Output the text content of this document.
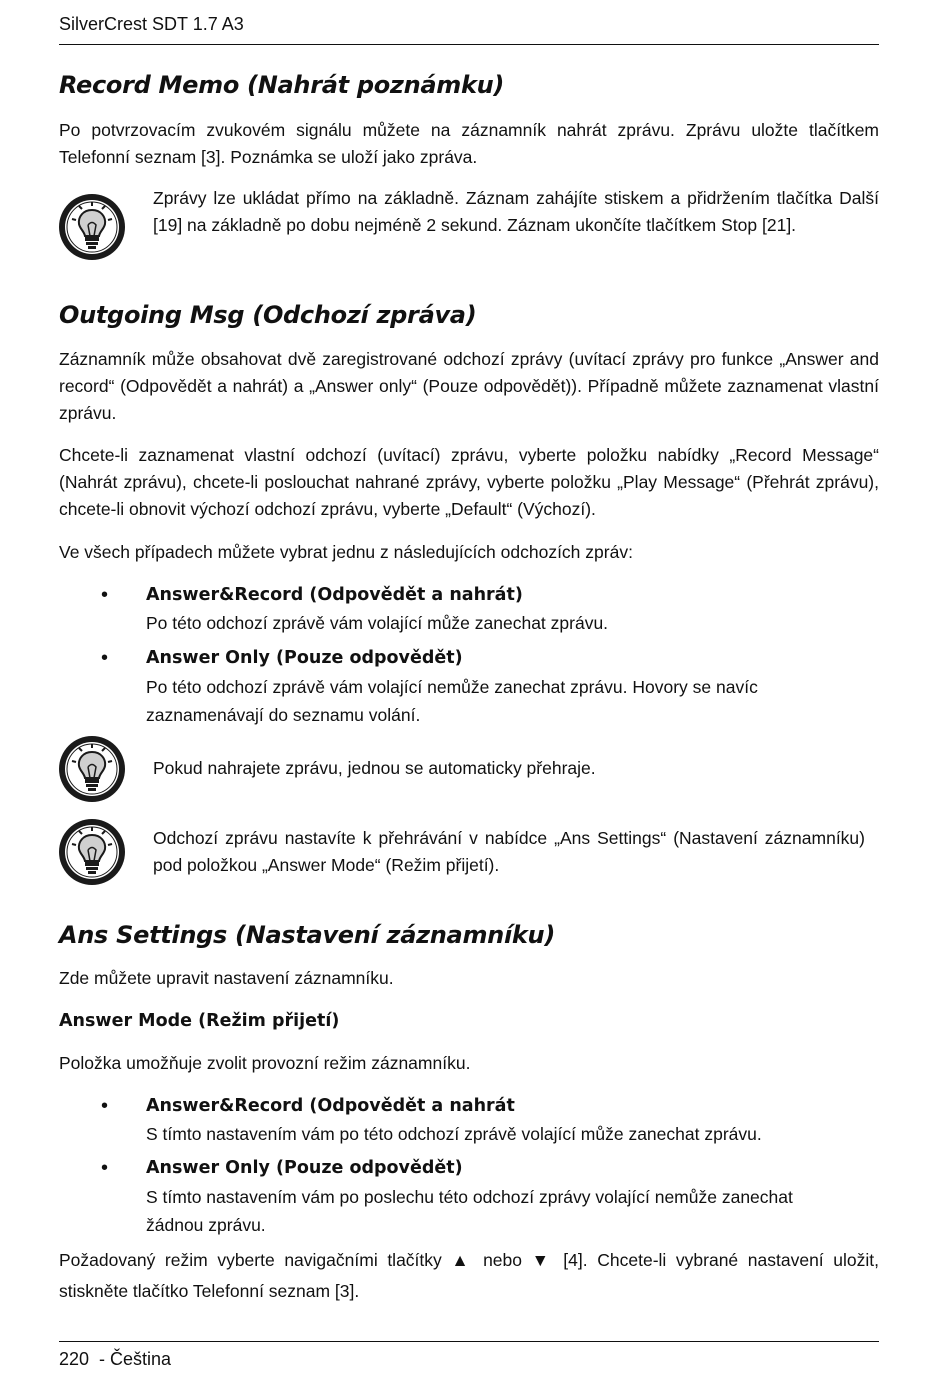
SilverCrest SDT 1.7 A3
Record Memo (Nahrát poznámku)

Po potvrzovacím zvukovém signálu můžete na záznamník nahrát zprávu. Zprávu uložte tlačítkem Telefonní seznam [3]. Poznámka se uloží jako zpráva.

Zprávy lze ukládat přímo na základně. Záznam zahájíte stiskem a přidržením tlačítka Další [19] na základně po dobu nejméně 2 sekund. Záznam ukončíte tlačítkem Stop [21].

Outgoing Msg (Odchozí zpráva)

Záznamník může obsahovat dvě zaregistrované odchozí zprávy (uvítací zprávy pro funkce „Answer and record“ (Odpovědět a nahrát) a „Answer only“ (Pouze odpovědět)). Případně můžete zaznamenat vlastní zprávu.

Chcete-li zaznamenat vlastní odchozí (uvítací) zprávu, vyberte položku nabídky „Record Message“ (Nahrát zprávu), chcete-li poslouchat nahrané zprávy, vyberte položku „Play Message“ (Přehrát zprávu), chcete-li obnovit výchozí odchozí zprávu, vyberte „Default“ (Výchozí).

Ve všech případech můžete vybrat jednu z následujících odchozích zpráv:

• Answer&Record (Odpovědět a nahrát)
Po této odchozí zprávě vám volající může zanechat zprávu.
• Answer Only (Pouze odpovědět)
Po této odchozí zprávě vám volající nemůže zanechat zprávu. Hovory se navíc zaznamenávají do seznamu volání.

Pokud nahrajete zprávu, jednou se automaticky přehraje.

Odchozí zprávu nastavíte k přehrávání v nabídce „Ans Settings“ (Nastavení záznamníku) pod položkou „Answer Mode“ (Režim přijetí).

Ans Settings (Nastavení záznamníku)

Zde můžete upravit nastavení záznamníku.

Answer Mode (Režim přijetí)

Položka umožňuje zvolit provozní režim záznamníku.

• Answer&Record (Odpovědět a nahrát
S tímto nastavením vám po této odchozí zprávě volající může zanechat zprávu.
• Answer Only (Pouze odpovědět)
S tímto nastavením vám po poslechu této odchozí zprávy volající nemůže zanechat žádnou zprávu.

Požadovaný režim vyberte navigačními tlačítky ▲ nebo ▼ [4]. Chcete-li vybrané nastavení uložit, stiskněte tlačítko Telefonní seznam [3].

220  - Čeština
